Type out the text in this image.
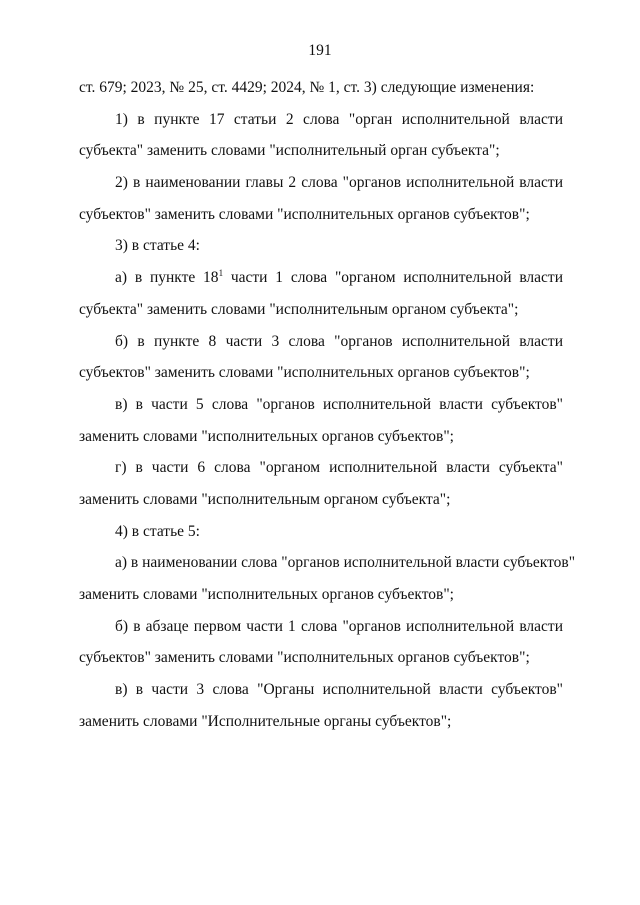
191
ст. 679; 2023, № 25, ст. 4429; 2024, № 1, ст. 3) следующие изменения:
1) в пункте 17 статьи 2 слова "орган исполнительной власти
субъекта" заменить словами "исполнительный орган субъекта";
2) в наименовании главы 2 слова "органов исполнительной власти
субъектов" заменить словами "исполнительных органов субъектов";
3) в статье 4:
а) в пункте $18^1$ части 1 слова "органом исполнительной власти
субъекта" заменить словами "исполнительным органом субъекта";
б) в пункте 8 части 3 слова "органов исполнительной власти
субъектов" заменить словами "исполнительных органов субъектов";
в) в части 5 слова "органов исполнительной власти субъектов"
заменить словами "исполнительных органов субъектов";
г) в части 6 слова "органом исполнительной власти субъекта"
заменить словами "исполнительным органом субъекта";
4) в статье 5:
а) в наименовании слова "органов исполнительной власти субъектов"
заменить словами "исполнительных органов субъектов";
б) в абзаце первом части 1 слова "органов исполнительной власти
субъектов" заменить словами "исполнительных органов субъектов";
в) в части 3 слова "Органы исполнительной власти субъектов"
заменить словами "Исполнительные органы субъектов";
